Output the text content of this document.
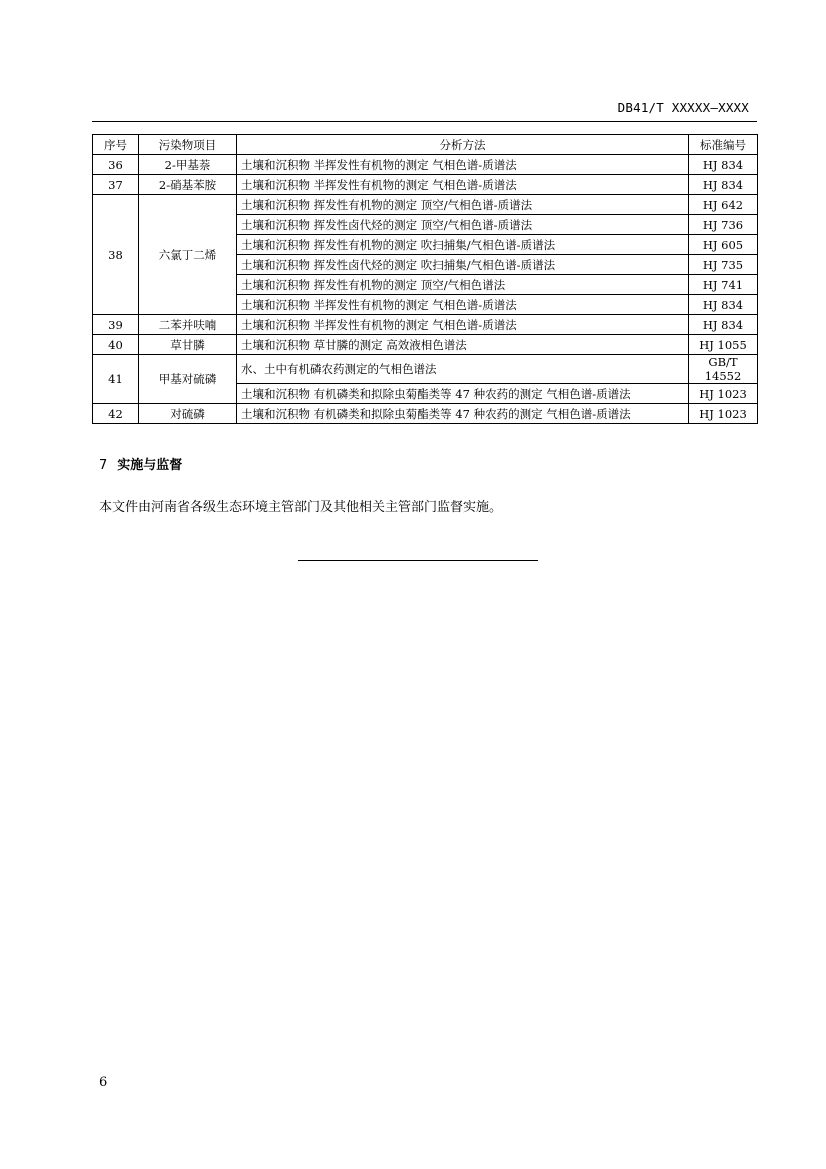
DB41/T XXXXX—XXXX
序号	污染物项目	分析方法	标准编号
36	2-甲基萘	土壤和沉积物 半挥发性有机物的测定 气相色谱-质谱法	HJ 834
37	2-硝基苯胺	土壤和沉积物 半挥发性有机物的测定 气相色谱-质谱法	HJ 834
38	六氯丁二烯	土壤和沉积物 挥发性有机物的测定 顶空/气相色谱-质谱法	HJ 642
		土壤和沉积物 挥发性卤代烃的测定 顶空/气相色谱-质谱法	HJ 736
		土壤和沉积物 挥发性有机物的测定 吹扫捕集/气相色谱-质谱法	HJ 605
		土壤和沉积物 挥发性卤代烃的测定 吹扫捕集/气相色谱-质谱法	HJ 735
		土壤和沉积物 挥发性有机物的测定 顶空/气相色谱法	HJ 741
		土壤和沉积物 半挥发性有机物的测定 气相色谱-质谱法	HJ 834
39	二苯并呋喃	土壤和沉积物 半挥发性有机物的测定 气相色谱-质谱法	HJ 834
40	草甘膦	土壤和沉积物 草甘膦的测定 高效液相色谱法	HJ 1055
41	甲基对硫磷	水、土中有机磷农药测定的气相色谱法	GB/T
14552
		土壤和沉积物 有机磷类和拟除虫菊酯类等 47 种农药的测定 气相色谱-质谱法	HJ 1023
42	对硫磷	土壤和沉积物 有机磷类和拟除虫菊酯类等 47 种农药的测定 气相色谱-质谱法	HJ 1023
7 实施与监督
本文件由河南省各级生态环境主管部门及其他相关主管部门监督实施。
6
